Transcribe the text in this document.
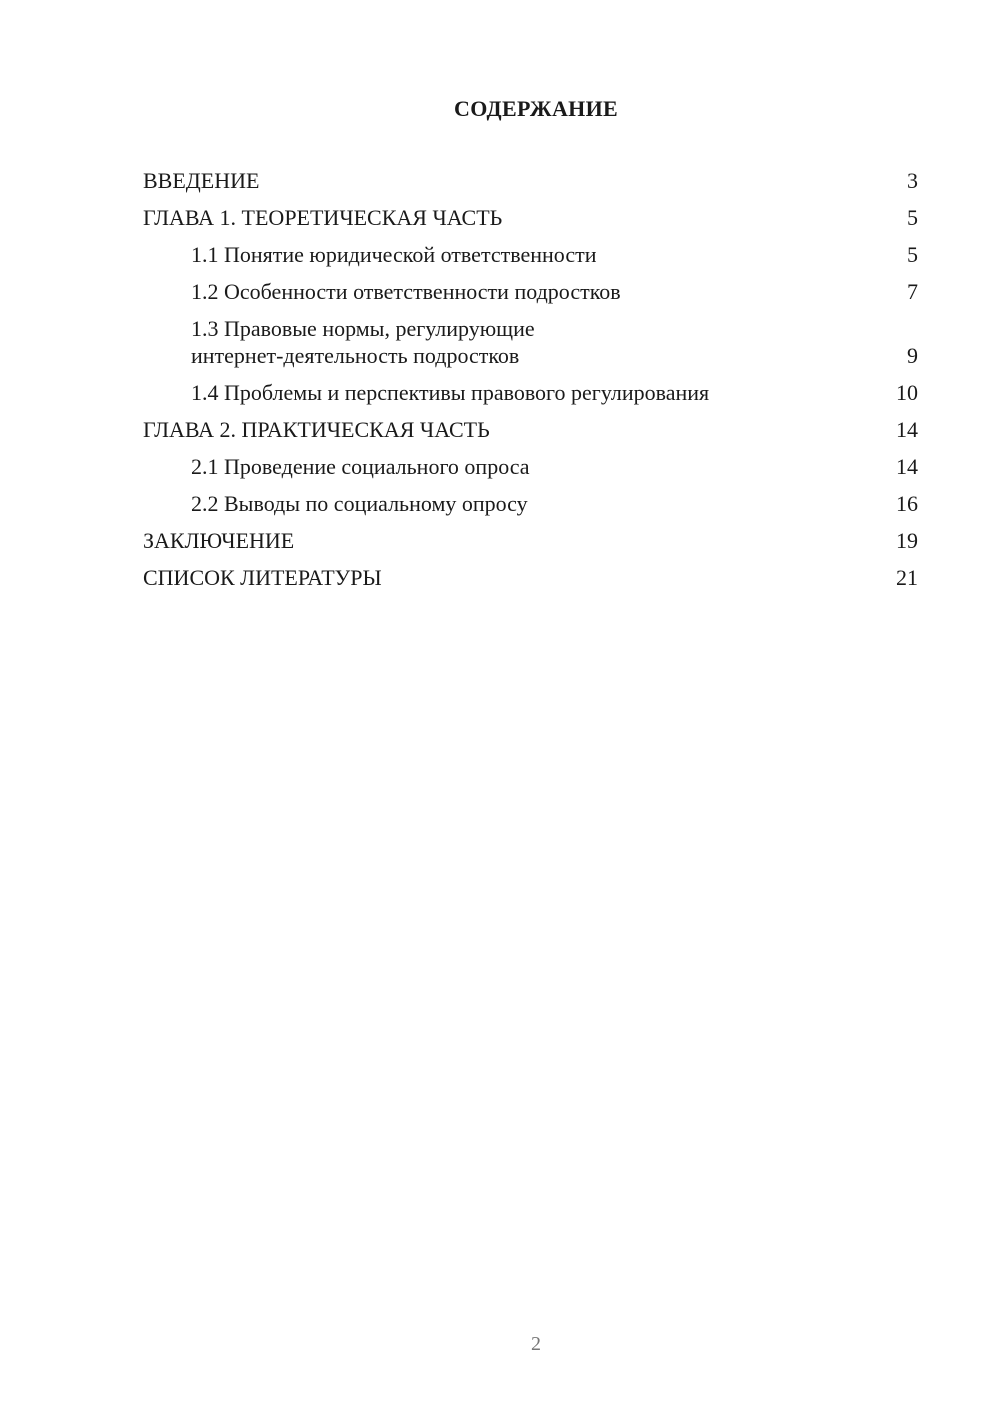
СОДЕРЖАНИЕ
ВВЕДЕНИЕ	3
ГЛАВА 1. ТЕОРЕТИЧЕСКАЯ ЧАСТЬ	5
1.1 Понятие юридической ответственности	5
1.2 Особенности ответственности подростков	7
1.3 Правовые нормы, регулирующие
интернет-деятельность подростков	9
1.4 Проблемы и перспективы правового регулирования	10
ГЛАВА 2. ПРАКТИЧЕСКАЯ ЧАСТЬ	14
2.1 Проведение социального опроса	14
2.2 Выводы по социальному опросу	16
ЗАКЛЮЧЕНИЕ	19
СПИСОК ЛИТЕРАТУРЫ	21
2
